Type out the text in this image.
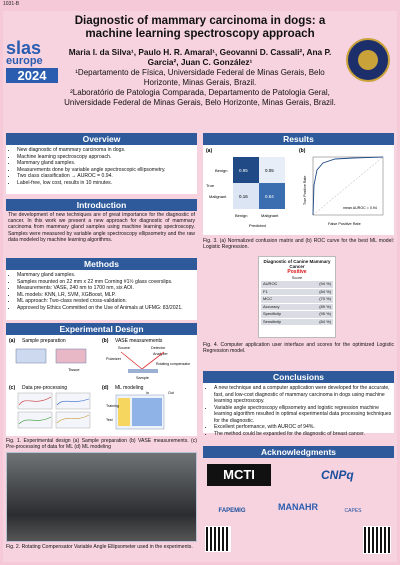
1031-B
slas
europe
2024
Diagnostic of mammary carcinoma in dogs: a machine learning spectroscopy approach
Maria I. da Silva¹, Paulo H. R. Amaral¹, Geovanni D. Cassali², Ana P. Garcia², Juan C. González¹
¹Departamento de Física, Universidade Federal de Minas Gerais, Belo Horizonte, Minas Gerais, Brazil.
²Laboratório de Patologia Comparada, Departamento de Patologia Geral, Universidade Federal de Minas Gerais, Belo Horizonte, Minas Gerais, Brazil.
Overview
• New diagnostic of mammary carcinoma in dogs.
• Machine learning spectroscopy approach.
• Mammary gland samples.
• Measurements done by variable angle spectroscopic ellipsometry.
• Two class classification → AUROC = 0.94.
• Label-free, low cost, results in 10 minutes.
Introduction
The development of new techniques are of great importance for the diagnostic of cancer. In this work we present a new approach for diagnostic of mammary carcinoma from mammary gland samples using machine learning spectroscopy. Samples were measured by variable angle spectroscopy ellipsometry and the raw data modeled by machine learning algorithms.
Methods
• Mammary gland samples.
• Samples mounted on 22 mm x 22 mm Corning #1½ glass coverslips.
• Measurements: VASE, 240 nm to 1700 nm, six AOI.
• ML models: KNN, LR, SVM, XGBoost, MLP.
• ML approach: Two-class nested cross-validation.
• Approved by Ethics Committed on the Use of Animals at UFMG: 83/2021.
Experimental Design
(a) Sample preparation
Tissue
(b) VASE measurements
Source	Detector
Polarizer
Analyzer
Rotating compensator
Sample
(c) Data pre-processing	(d) ML modeling
Training
Test
In	Out
Fig. 1. Experimental design (a) Sample preparation (b) VASE measurements. (c) Pre-processing of data for ML (d) ML modeling
Fig. 2. Rotating Compensator Variable Angle Ellipsometer used in the experiments.
Results
(a)	(b)
0.95	0.05
0.16	0.84
Benign
Malignant
Benign	Malignant
Predicted
True
mean AUROC = 0.94
False Positive Rate
True Positive Rate
Fig. 3. (a) Normalized confusion matrix and (b) ROC curve for the best ML model: Logistic Regression.
Diagnostic of Canine Mammary Cancer
Positive
Score
AUROC	(94 %)
F1	(84 %)
MCC	(70 %)
Accuracy	(89 %)
Specificity	(95 %)
Sensitivity	(84 %)
Fig. 4. Computer application user interface and scores for the optimized Logistic Regression model.
Conclusions
• A new technique and a computer application were developed for the accurate, fast, and low-cost diagnostic of mammary carcinoma in dogs using machine learning spectroscopy.
• Variable angle spectroscopy ellipsometry and logistic regression machine learning algorithm resulted in optimal experimental data processing techniques for the diagnostic.
• Excellent performance, with AUROC of 94%.
• The method could be expanded for the diagnostic of breast cancer.
Acknowledgments
MCTI	CNPq
FAPEMIG	MANAHR	CAPES
